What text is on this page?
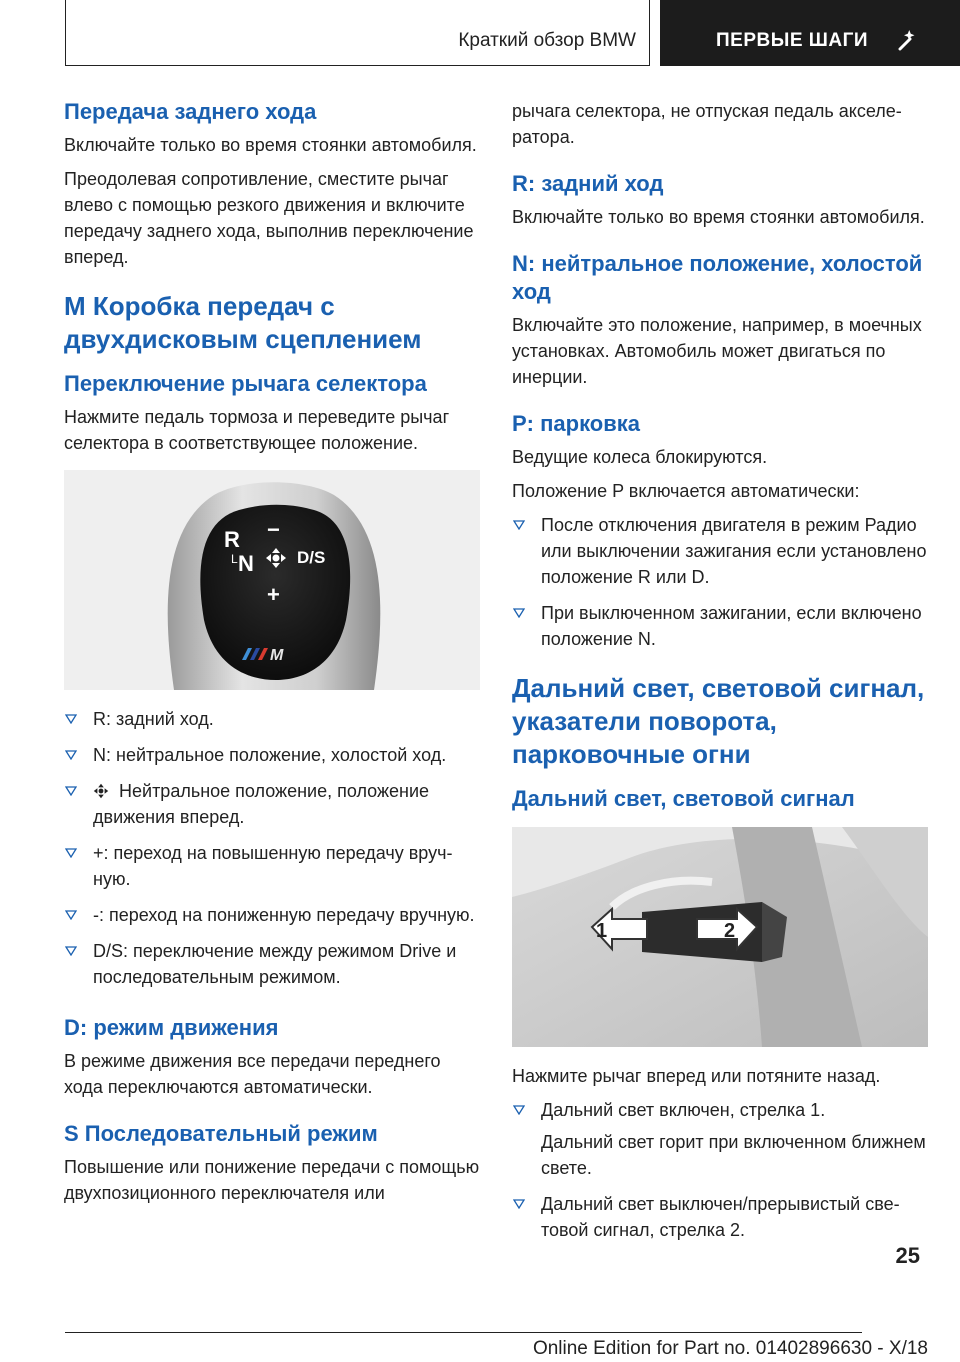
Краткий обзор BMW	ПЕРВЫЕ ШАГИ
Передача заднего хода
Включайте только во время стоянки автомобиля.
Преодолевая сопротивление, сместите рычаг влево с помощью резкого движения и включите передачу заднего хода, выполнив переключение вперед.
M Коробка передач с двухдисковым сцеплением
Переключение рычага селектора
Нажмите педаль тормоза и переведите рычаг селектора в соответствующее положение.
R −
L N	D/S
+
M
R: задний ход.
N: нейтральное положение, холостой ход.
Нейтральное положение, положение движения вперед.
+: переход на повышенную передачу вручную.
-: переход на пониженную передачу вручную.
D/S: переключение между режимом Drive и последовательным режимом.
D: режим движения
В режиме движения все передачи переднего хода переключаются автоматически.
S Последовательный режим
Повышение или понижение передачи с помощью двухпозиционного переключателя или
рычага селектора, не отпуская педаль акселератора.
R: задний ход
Включайте только во время стоянки автомобиля.
N: нейтральное положение, холостой ход
Включайте это положение, например, в моечных установках. Автомобиль может двигаться по инерции.
P: парковка
Ведущие колеса блокируются.
Положение P включается автоматически:
После отключения двигателя в режим Радио или выключении зажигания если установлено положение R или D.
При выключенном зажигании, если включено положение N.
Дальний свет, световой сигнал, указатели поворота, парковочные огни
Дальний свет, световой сигнал
1	2
Нажмите рычаг вперед или потяните назад.
Дальний свет включен, стрелка 1.
Дальний свет горит при включенном ближнем свете.
Дальний свет выключен/прерывистый световой сигнал, стрелка 2.
25
Online Edition for Part no. 01402896630 - X/18
